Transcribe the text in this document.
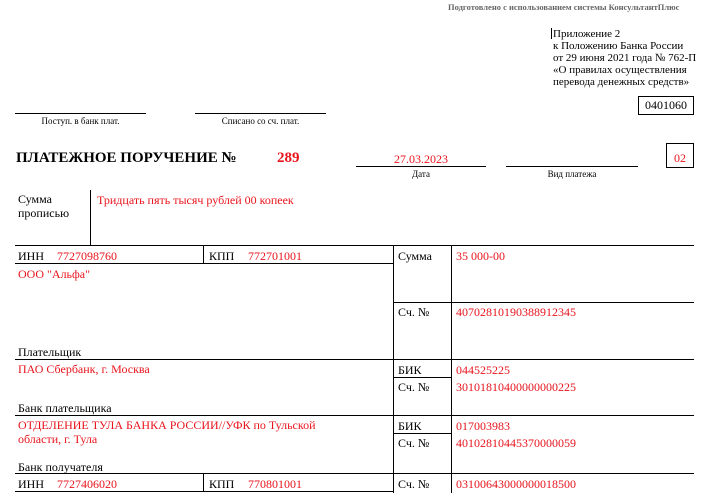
Подготовлено с использованием системы КонсультантПлюс
Приложение 2
к Положению Банка России
от 29 июня 2021 года № 762-П
«О правилах осуществления
перевода денежных средств»
0401060
Поступ. в банк плат.	Списано со сч. плат.
ПЛАТЕЖНОЕ ПОРУЧЕНИЕ №	289	27.03.2023
Дата	Вид платежа
02
Сумма
прописью
Тридцать пять тысяч рублей 00 копеек
ИНН 7727098760	КПП 772701001	Сумма 35 000-00
ООО "Альфа"
Плательщик
Сч. № 40702810190388912345
ПАО Сбербанк, г. Москва
Банк плательщика
БИК	044525225
Сч. № 30101810400000000225
ОТДЕЛЕНИЕ ТУЛА БАНКА РОССИИ//УФК по Тульской
области, г. Тула
Банк получателя
БИК	017003983
Сч. № 40102810445370000059
ИНН 7727406020	КПП 770801001	Сч. № 03100643000000018500
